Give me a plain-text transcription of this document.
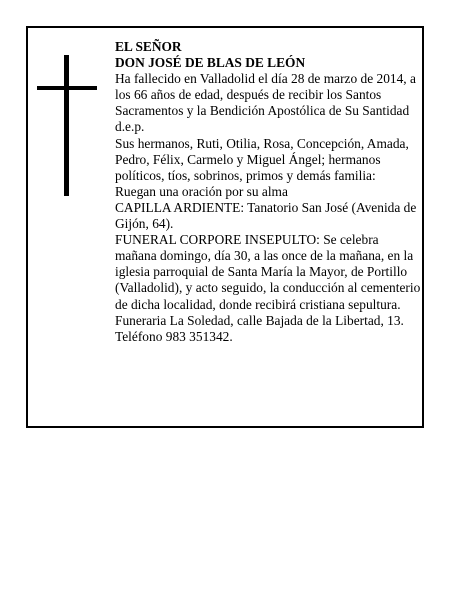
EL SEÑOR

DON JOSÉ DE BLAS DE LEÓN

Ha fallecido en Valladolid el día 28 de marzo de 2014, a los 66 años de edad, después de recibir los Santos Sacramentos y la Bendición Apostólica de Su Santidad

d.e.p.

Sus hermanos, Ruti, Otilia, Rosa, Concepción, Amada, Pedro, Félix, Carmelo y Miguel Ángel; hermanos políticos, tíos, sobrinos, primos y demás familia:

Ruegan una oración por su alma

CAPILLA ARDIENTE: Tanatorio San José (Avenida de Gijón, 64).

FUNERAL CORPORE INSEPULTO: Se celebra mañana domingo, día 30, a las once de la mañana, en la iglesia parroquial de Santa María la Mayor, de Portillo (Valladolid), y acto seguido, la conducción al cementerio de dicha localidad, donde recibirá cristiana sepultura.

Funeraria La Soledad, calle Bajada de la Libertad, 13. Teléfono 983 351342.
